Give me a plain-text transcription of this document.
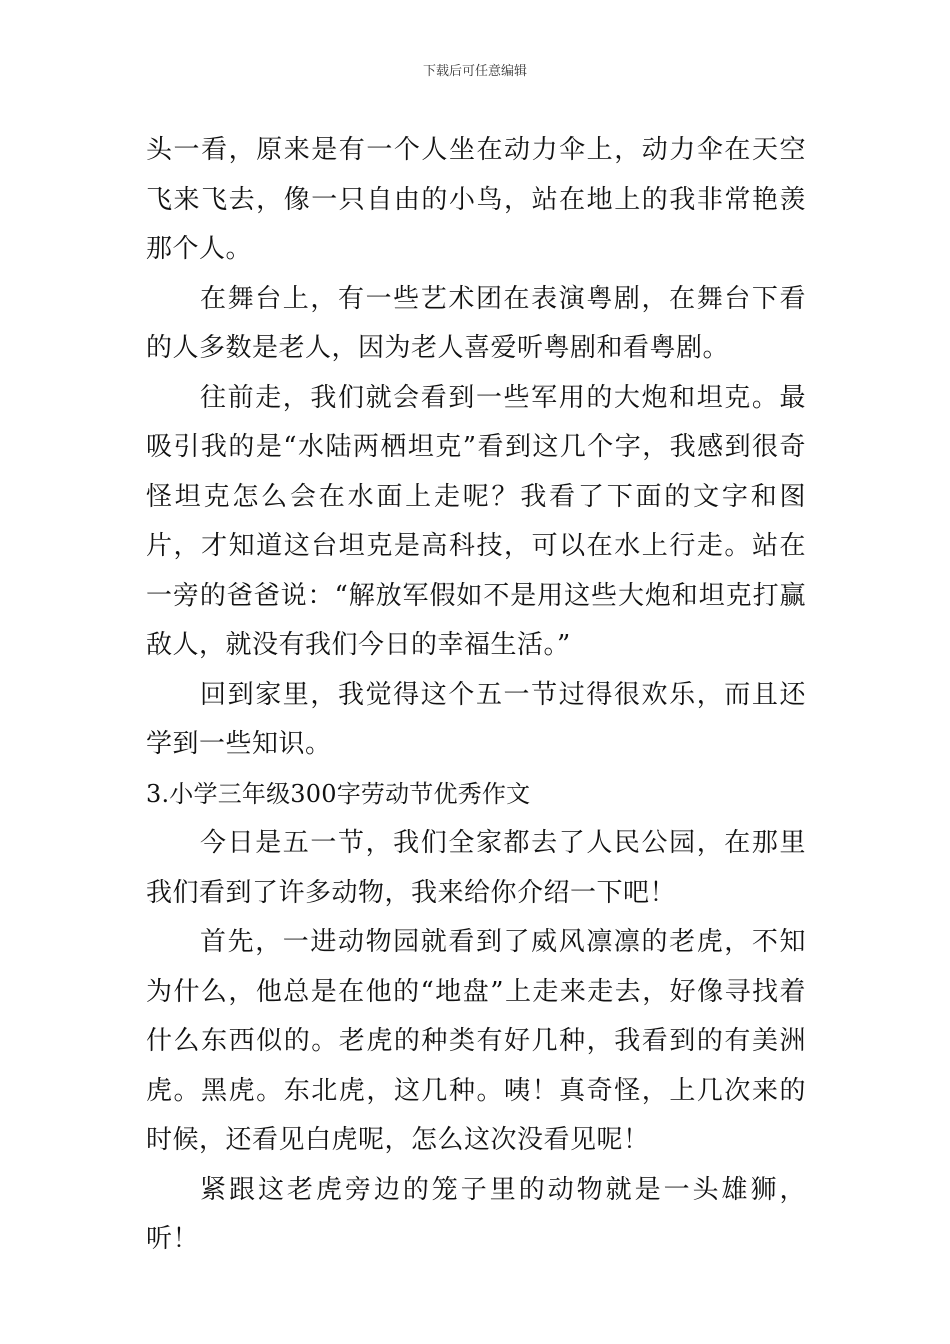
下载后可任意编辑

头一看，原来是有一个人坐在动力伞上，动力伞在天空飞来飞去，像一只自由的小鸟，站在地上的我非常艳羡那个人。

在舞台上，有一些艺术团在表演粤剧，在舞台下看的人多数是老人，因为老人喜爱听粤剧和看粤剧。

往前走，我们就会看到一些军用的大炮和坦克。最吸引我的是“水陆两栖坦克”看到这几个字，我感到很奇怪坦克怎么会在水面上走呢？我看了下面的文字和图片，才知道这台坦克是高科技，可以在水上行走。站在一旁的爸爸说：“解放军假如不是用这些大炮和坦克打赢敌人，就没有我们今日的幸福生活。”

回到家里，我觉得这个五一节过得很欢乐，而且还学到一些知识。

3.小学三年级300字劳动节优秀作文

今日是五一节，我们全家都去了人民公园，在那里我们看到了许多动物，我来给你介绍一下吧！

首先，一进动物园就看到了威风凛凛的老虎，不知为什么，他总是在他的“地盘”上走来走去，好像寻找着什么东西似的。老虎的种类有好几种，我看到的有美洲虎。黑虎。东北虎，这几种。咦！真奇怪，上几次来的时候，还看见白虎呢，怎么这次没看见呢！

紧跟这老虎旁边的笼子里的动物就是一头雄狮，听！
